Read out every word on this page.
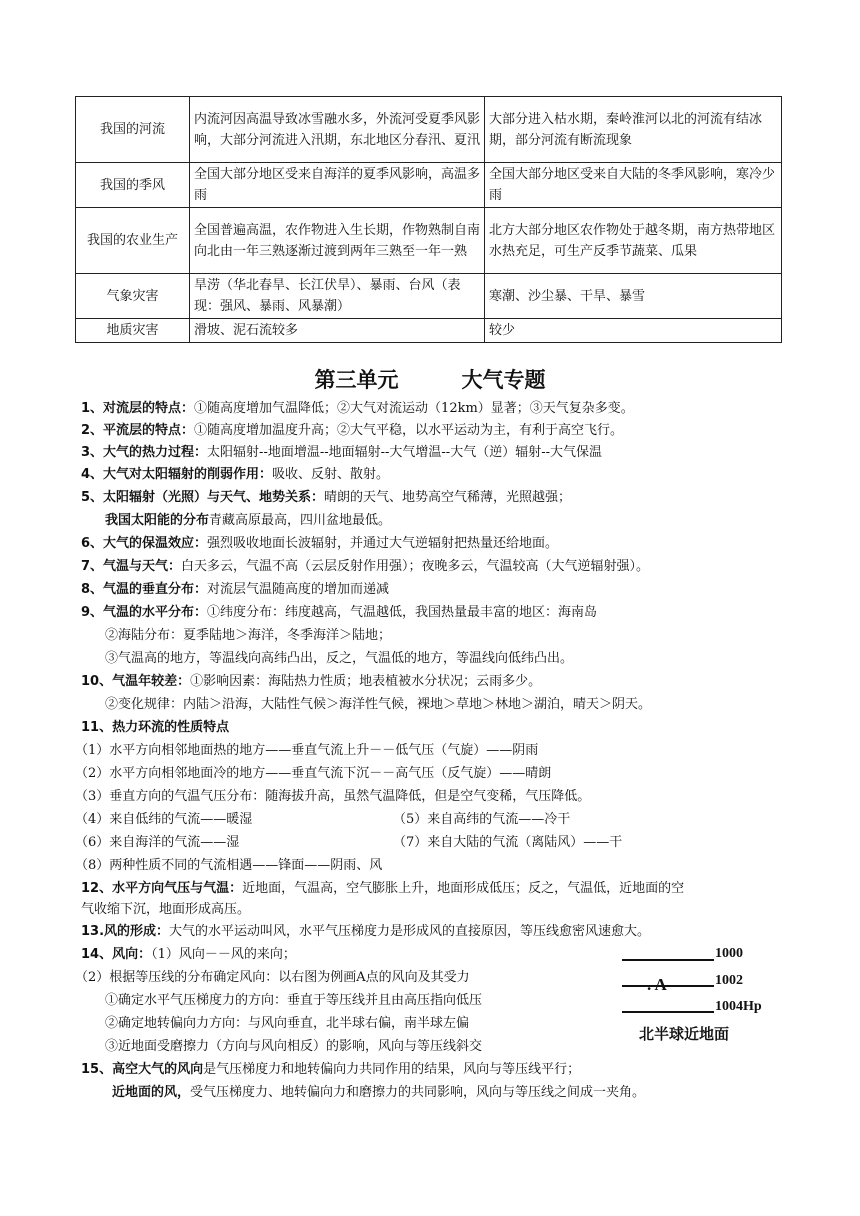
我国的河流	内流河因高温导致冰雪融水多，外流河受夏季风影响，大部分河流进入汛期，东北地区分春汛、夏汛	大部分进入枯水期，秦岭淮河以北的河流有结冰期，部分河流有断流现象
我国的季风	全国大部分地区受来自海洋的夏季风影响，高温多雨	全国大部分地区受来自大陆的冬季风影响，寒冷少雨
我国的农业生产	全国普遍高温，农作物进入生长期，作物熟制自南向北由一年三熟逐渐过渡到两年三熟至一年一熟	北方大部分地区农作物处于越冬期，南方热带地区水热充足，可生产反季节蔬菜、瓜果
气象灾害	旱涝（华北春旱、长江伏旱）、暴雨、台风（表现：强风、暴雨、风暴潮）	寒潮、沙尘暴、干旱、暴雪
地质灾害	滑坡、泥石流较多	较少
第三单元　　　大气专题
1、对流层的特点：①随高度增加气温降低；②大气对流运动（12km）显著；③天气复杂多变。
2、平流层的特点：①随高度增加温度升高；②大气平稳，以水平运动为主，有利于高空飞行。
3、大气的热力过程：太阳辐射--地面增温--地面辐射--大气增温--大气（逆）辐射--大气保温
4、大气对太阳辐射的削弱作用：吸收、反射、散射。
5、太阳辐射（光照）与天气、地势关系：晴朗的天气、地势高空气稀薄，光照越强；
我国太阳能的分布青藏高原最高，四川盆地最低。
6、大气的保温效应：强烈吸收地面长波辐射，并通过大气逆辐射把热量还给地面。
7、气温与天气：白天多云，气温不高（云层反射作用强）；夜晚多云，气温较高（大气逆辐射强）。
8、气温的垂直分布：对流层气温随高度的增加而递减
9、气温的水平分布：①纬度分布：纬度越高，气温越低，我国热量最丰富的地区：海南岛
②海陆分布：夏季陆地＞海洋，冬季海洋＞陆地；
③气温高的地方，等温线向高纬凸出，反之，气温低的地方，等温线向低纬凸出。
10、气温年较差：①影响因素：海陆热力性质；地表植被水分状况；云雨多少。
②变化规律：内陆＞沿海，大陆性气候＞海洋性气候，裸地＞草地＞林地＞湖泊，晴天＞阴天。
11、热力环流的性质特点
（1）水平方向相邻地面热的地方——垂直气流上升－－低气压（气旋）——阴雨
（2）水平方向相邻地面冷的地方——垂直气流下沉－－高气压（反气旋）——晴朗
（3）垂直方向的气温气压分布：随海拔升高，虽然气温降低，但是空气变稀，气压降低。
（4）来自低纬的气流——暖湿	（5）来自高纬的气流——冷干
（6）来自海洋的气流——湿	（7）来自大陆的气流（离陆风）——干
（8）两种性质不同的气流相遇——锋面——阴雨、风
12、水平方向气压与气温：近地面，气温高，空气膨胀上升，地面形成低压；反之，气温低，近地面的空
气收缩下沉，地面形成高压。
13.风的形成：大气的水平运动叫风，水平气压梯度力是形成风的直接原因，等压线愈密风速愈大。
14、风向：（1）风向－－风的来向；
（2）根据等压线的分布确定风向：以右图为例画A点的风向及其受力
①确定水平气压梯度力的方向：垂直于等压线并且由高压指向低压
②确定地转偏向力方向：与风向垂直，北半球右偏，南半球左偏
③近地面受磨擦力（方向与风向相反）的影响，风向与等压线斜交
15、高空大气的风向是气压梯度力和地转偏向力共同作用的结果，风向与等压线平行；
近地面的风，受气压梯度力、地转偏向力和磨擦力的共同影响，风向与等压线之间成一夹角。
1000
1002
1004Hp
. A
北半球近地面
